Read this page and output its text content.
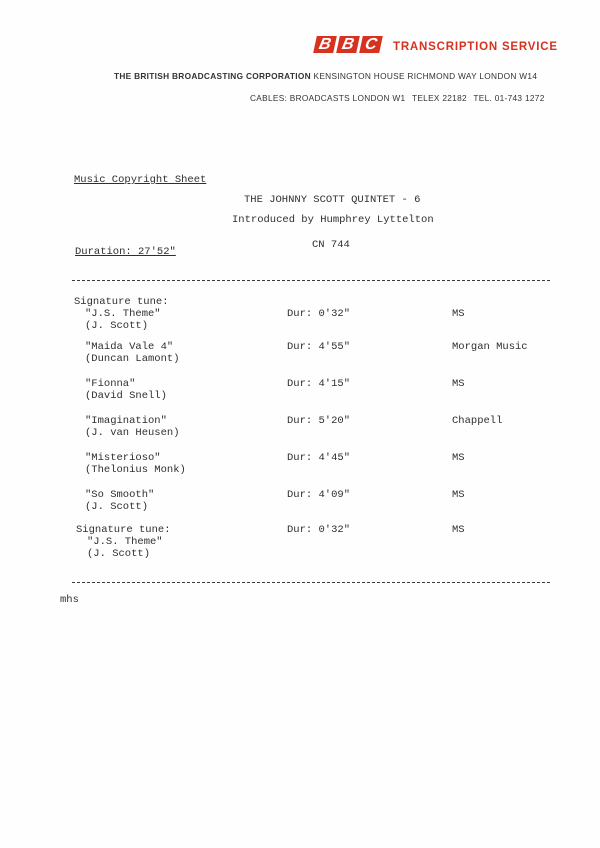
B B C	TRANSCRIPTION SERVICE
THE BRITISH BROADCASTING CORPORATION KENSINGTON HOUSE RICHMOND WAY LONDON W14
CABLES: BROADCASTS LONDON W1 TELEX 22182 TEL. 01-743 1272
Music Copyright Sheet
THE JOHNNY SCOTT QUINTET - 6
Introduced by Humphrey Lyttelton
Duration: 27'52"
CN 744
Signature tune:
"J.S. Theme"
(J. Scott)
Dur: 0'32"	MS
"Maida Vale 4"
(Duncan Lamont)
Dur: 4'55"	Morgan Music
"Fionna"
(David Snell)
Dur: 4'15"	MS
"Imagination"
(J. van Heusen)
Dur: 5'20"	Chappell
"Misterioso"
(Thelonius Monk)
Dur: 4'45"	MS
"So Smooth"
(J. Scott)
Dur: 4'09"	MS
Signature tune:
"J.S. Theme"
(J. Scott)
Dur: 0'32"	MS
mhs
